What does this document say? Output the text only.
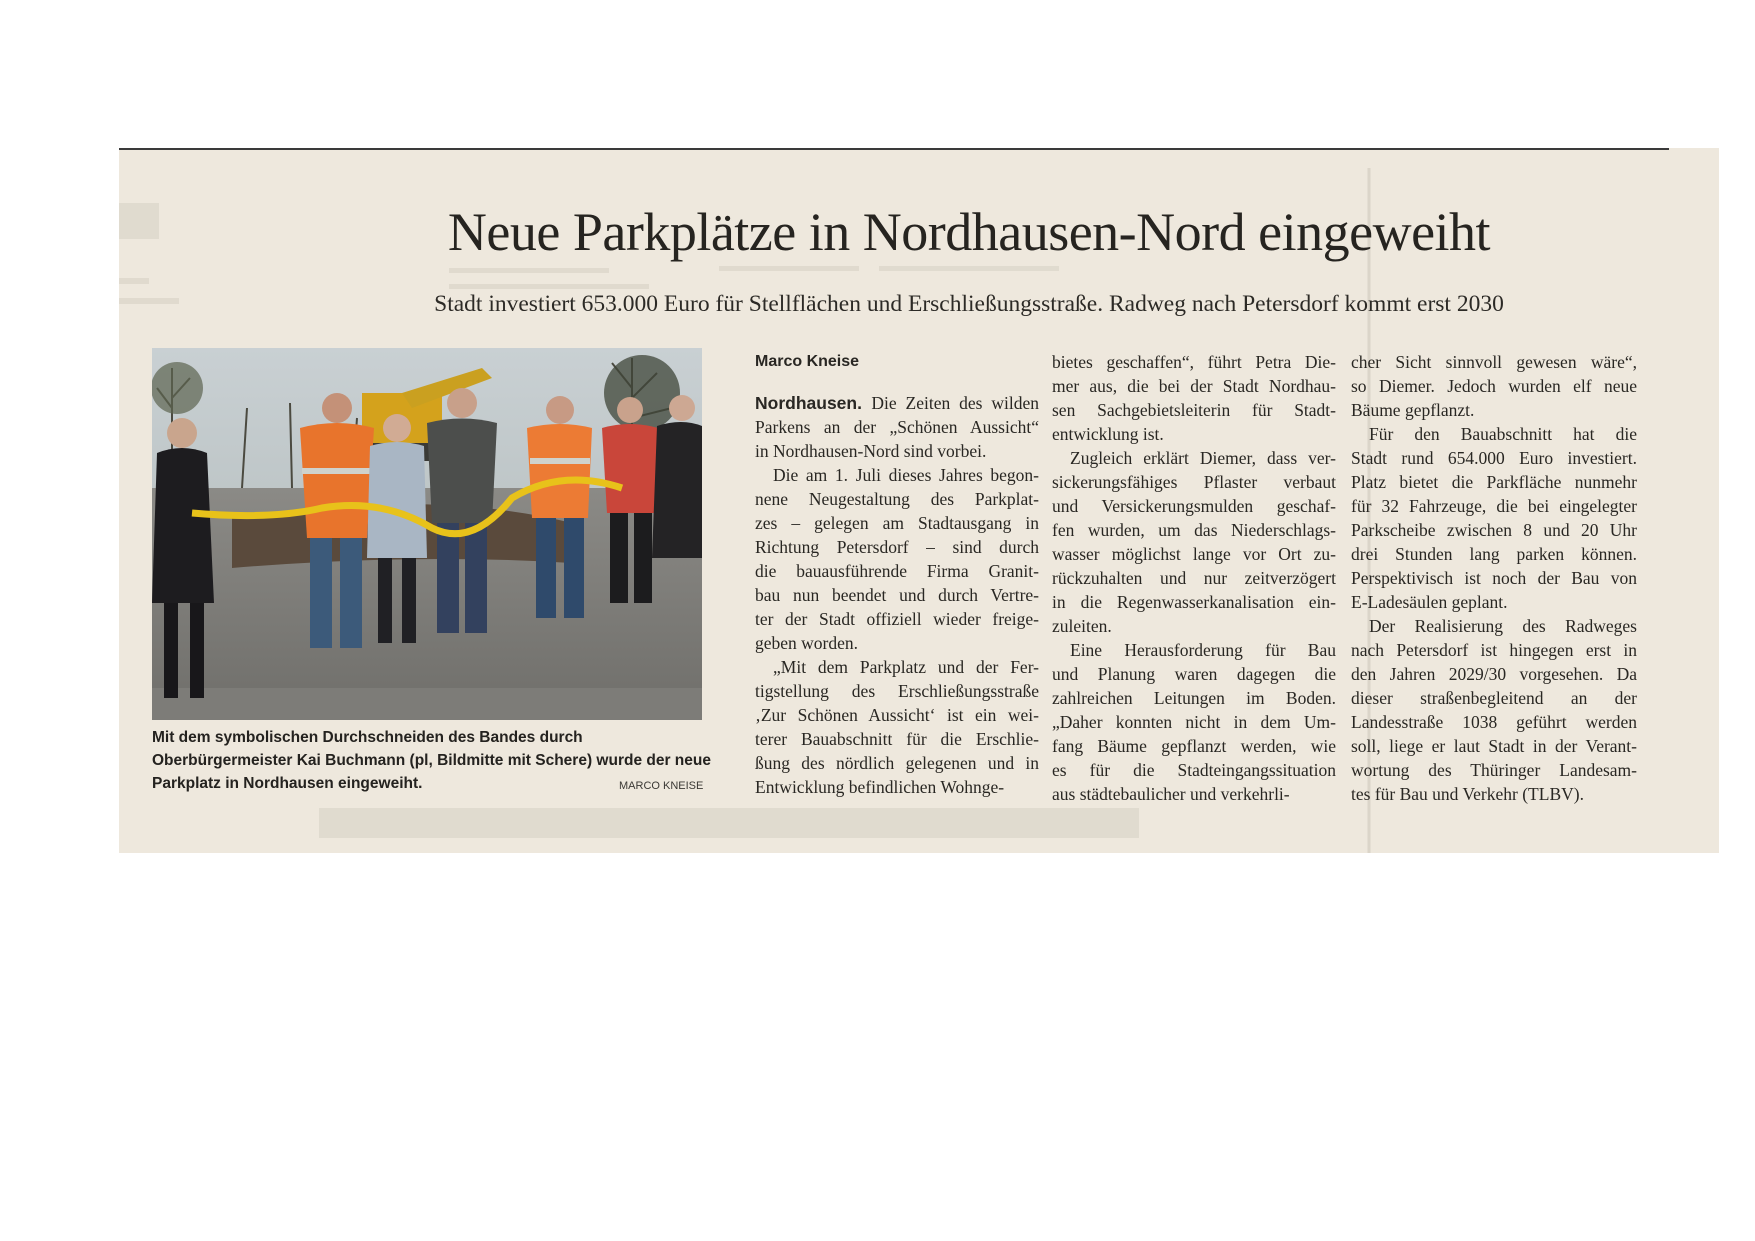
Neue Parkplätze in Nordhausen-Nord eingeweiht
Stadt investiert 653.000 Euro für Stellflächen und Erschließungsstraße. Radweg nach Petersdorf kommt erst 2030
Mit dem symbolischen Durchschneiden des Bandes durch Oberbürgermeister Kai Buchmann (pl, Bildmitte mit Schere) wurde der neue Parkplatz in Nordhausen eingeweiht.	MARCO KNEISE
Marco Kneise
Nordhausen. Die Zeiten des wilden
Parkens an der „Schönen Aussicht“
in Nordhausen-Nord sind vorbei.
Die am 1. Juli dieses Jahres begon-
nene Neugestaltung des Parkplat-
zes – gelegen am Stadtausgang in
Richtung Petersdorf – sind durch
die bauausführende Firma Granit-
bau nun beendet und durch Vertre-
ter der Stadt offiziell wieder freige-
geben worden.
„Mit dem Parkplatz und der Fer-
tigstellung des Erschließungsstraße
‚Zur Schönen Aussicht‘ ist ein wei-
terer Bauabschnitt für die Erschlie-
ßung des nördlich gelegenen und in
Entwicklung befindlichen Wohnge-
bietes geschaffen“, führt Petra Die-
mer aus, die bei der Stadt Nordhau-
sen Sachgebietsleiterin für Stadt-
entwicklung ist.
Zugleich erklärt Diemer, dass ver-
sickerungsfähiges Pflaster verbaut
und Versickerungsmulden geschaf-
fen wurden, um das Niederschlags-
wasser möglichst lange vor Ort zu-
rückzuhalten und nur zeitverzögert
in die Regenwasserkanalisation ein-
zuleiten.
Eine Herausforderung für Bau
und Planung waren dagegen die
zahlreichen Leitungen im Boden.
„Daher konnten nicht in dem Um-
fang Bäume gepflanzt werden, wie
es für die Stadteingangssituation
aus städtebaulicher und verkehrli-
cher Sicht sinnvoll gewesen wäre“,
so Diemer. Jedoch wurden elf neue
Bäume gepflanzt.
Für den Bauabschnitt hat die
Stadt rund 654.000 Euro investiert.
Platz bietet die Parkfläche nunmehr
für 32 Fahrzeuge, die bei eingelegter
Parkscheibe zwischen 8 und 20 Uhr
drei Stunden lang parken können.
Perspektivisch ist noch der Bau von
E-Ladesäulen geplant.
Der Realisierung des Radweges
nach Petersdorf ist hingegen erst in
den Jahren 2029/30 vorgesehen. Da
dieser straßenbegleitend an der
Landesstraße 1038 geführt werden
soll, liege er laut Stadt in der Verant-
wortung des Thüringer Landesam-
tes für Bau und Verkehr (TLBV).
